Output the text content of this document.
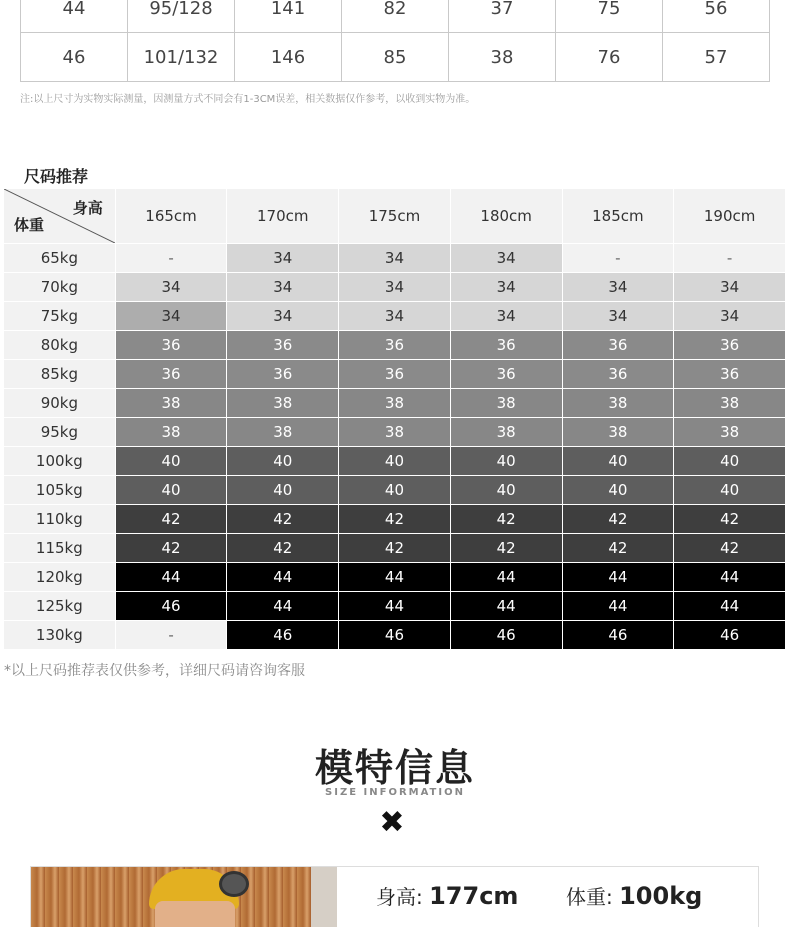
44	95/128	141	82	37	75	56
46	101/132	146	85	38	76	57
注:以上尺寸为实物实际测量，因测量方式不同会有1-3CM误差，相关数据仅作参考，以收到实物为准。
尺码推荐
身高
体重	165cm	170cm	175cm	180cm	185cm	190cm
65kg	-	34	34	34	-	-
70kg	34	34	34	34	34	34
75kg	34	34	34	34	34	34
80kg	36	36	36	36	36	36
85kg	36	36	36	36	36	36
90kg	38	38	38	38	38	38
95kg	38	38	38	38	38	38
100kg	40	40	40	40	40	40
105kg	40	40	40	40	40	40
110kg	42	42	42	42	42	42
115kg	42	42	42	42	42	42
120kg	44	44	44	44	44	44
125kg	46	44	44	44	44	44
130kg	-	46	46	46	46	46
*以上尺码推荐表仅供参考，详细尺码请咨询客服
模特信息
SIZE INFORMATION
✖
身高: 177cm 体重: 100kg
